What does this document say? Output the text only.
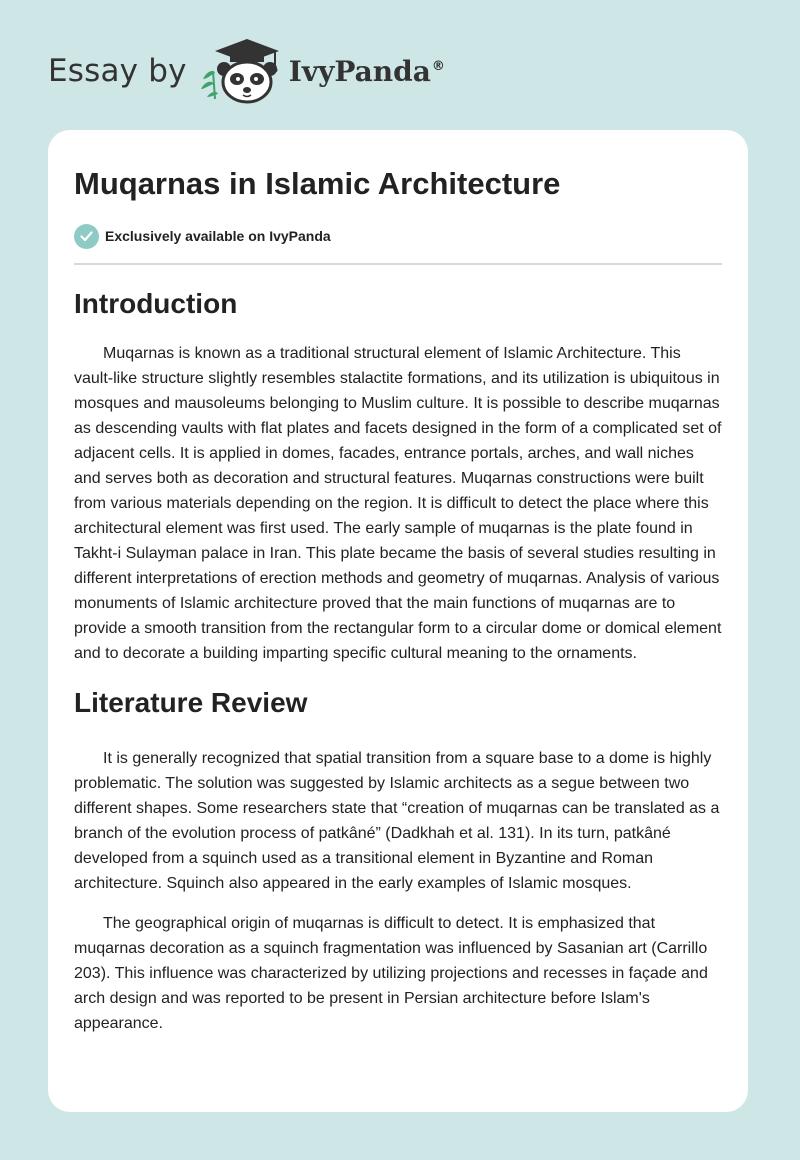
Essay by	IvyPanda®
Muqarnas in Islamic Architecture
Exclusively available on IvyPanda
Introduction

Muqarnas is known as a traditional structural element of Islamic Architecture. This vault-like structure slightly resembles stalactite formations, and its utilization is ubiquitous in mosques and mausoleums belonging to Muslim culture. It is possible to describe muqarnas as descending vaults with flat plates and facets designed in the form of a complicated set of adjacent cells. It is applied in domes, facades, entrance portals, arches, and wall niches and serves both as decoration and structural features. Muqarnas constructions were built from various materials depending on the region. It is difficult to detect the place where this architectural element was first used. The early sample of muqarnas is the plate found in Takht-i Sulayman palace in Iran. This plate became the basis of several studies resulting in different interpretations of erection methods and geometry of muqarnas. Analysis of various monuments of Islamic architecture proved that the main functions of muqarnas are to provide a smooth transition from the rectangular form to a circular dome or domical element and to decorate a building imparting specific cultural meaning to the ornaments.

Literature Review

It is generally recognized that spatial transition from a square base to a dome is highly problematic. The solution was suggested by Islamic architects as a segue between two different shapes. Some researchers state that “creation of muqarnas can be translated as a branch of the evolution process of patkâné” (Dadkhah et al. 131). In its turn, patkâné developed from a squinch used as a transitional element in Byzantine and Roman architecture. Squinch also appeared in the early examples of Islamic mosques.

The geographical origin of muqarnas is difficult to detect. It is emphasized that muqarnas decoration as a squinch fragmentation was influenced by Sasanian art (Carrillo 203). This influence was characterized by utilizing projections and recesses in façade and arch design and was reported to be present in Persian architecture before Islam's appearance.
